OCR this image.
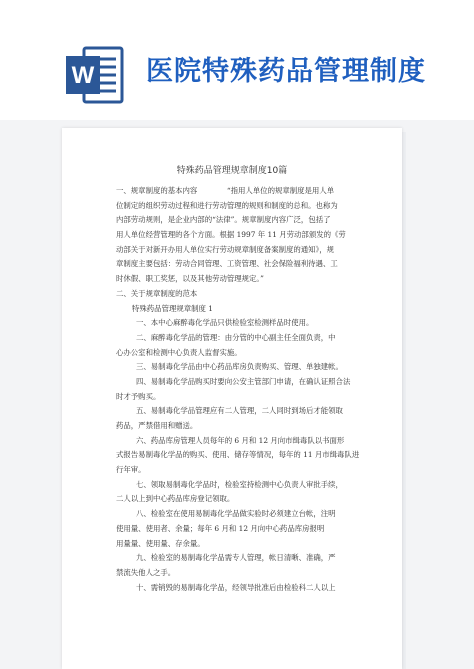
W 医院特殊药品管理制度
特殊药品管理规章制度10篇
一、规章制度的基本内容　　　　“指用人单位的规章制度是用人单
位制定的组织劳动过程和进行劳动管理的规则和制度的总和。也称为
内部劳动规则，是企业内部的“法律”。规章制度内容广泛，包括了
用人单位经营管理的各个方面。根据 1997 年 11 月劳动部颁发的《劳
动部关于对新开办用人单位实行劳动规章制度备案制度的通知》，规
章制度主要包括：劳动合同管理、工资管理、社会保险福利待遇、工
时休假、职工奖惩，以及其他劳动管理规定。”
二、关于规章制度的范本
特殊药品管理规章制度 1
一、本中心麻醉毒化学品只供检验室检测样品时使用。
二、麻醉毒化学品的管理：由分管的中心副主任全面负责，中
心办公室和检测中心负责人监督实施。
三、易制毒化学品由中心药品库房负责购买、管理、单独建帐。
四、易制毒化学品购买时要向公安主管部门申请，在确认证照合法
时才予购买。
五、易制毒化学品管理应有二人管理，二人同时到场后才能领取
药品，严禁借用和赠送。
六、药品库房管理人员每年的 6 月和 12 月向市缉毒队以书面形
式报告易制毒化学品的购买、使用、储存等情况，每年的 11 月市缉毒队进
行年审。
七、领取易制毒化学品时，检验室持检测中心负责人审批手续，
二人以上到中心药品库房登记领取。
八、检验室在使用易制毒化学品做实验时必须建立台帐，注明
使用量、使用者、余量；每年 6 月和 12 月向中心药品库房报明
用量量、使用量、存余量。
九、检验室的易制毒化学品需专人管理，帐日清晰、准确，严
禁流失他人之手。
十、需销毁的易制毒化学品，经领导批准后由检验科二人以上
